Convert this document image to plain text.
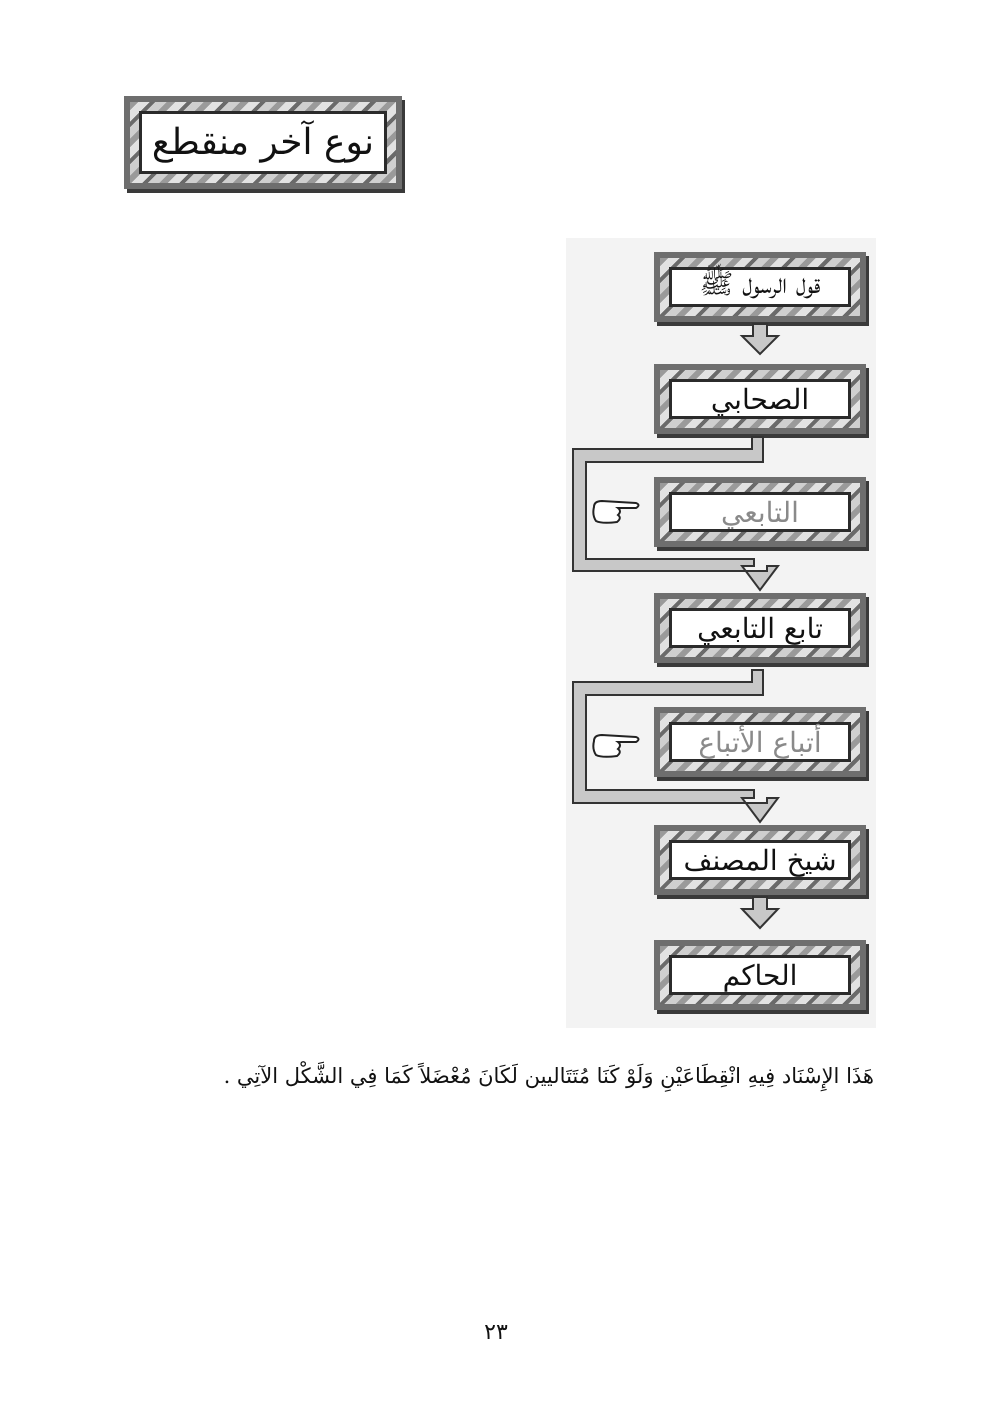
نوع آخر منقطع
قول الرسول ﷺ
الصحابي
التابعي
تابع التابعي
أتباع الأتباع
شيخ المصنف
الحاكم
هَذَا الإِسْنَاد فِيهِ انْقِطَاعَيْنِ وَلَوْ كَنَا مُتَتَاليين لَكَانَ مُعْضَلاً كَمَا فِي الشَّكْل الآتِي .
٢٣
